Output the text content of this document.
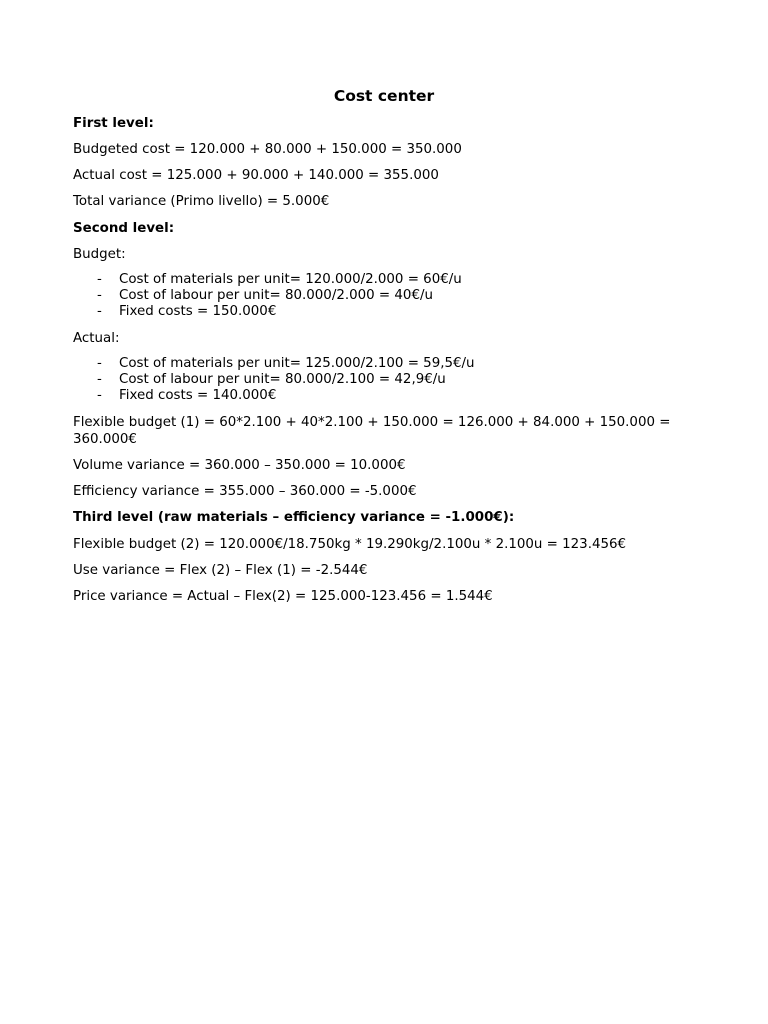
Cost center
First level:
Budgeted cost = 120.000 + 80.000 + 150.000 = 350.000
Actual cost = 125.000 + 90.000 + 140.000 = 355.000
Total variance (Primo livello) = 5.000€
Second level:
Budget:
- Cost of materials per unit= 120.000/2.000 = 60€/u
- Cost of labour per unit= 80.000/2.000 = 40€/u
- Fixed costs = 150.000€
Actual:
- Cost of materials per unit= 125.000/2.100 = 59,5€/u
- Cost of labour per unit= 80.000/2.100 = 42,9€/u
- Fixed costs = 140.000€
Flexible budget (1) = 60*2.100 + 40*2.100 + 150.000 = 126.000 + 84.000 + 150.000 = 360.000€
Volume variance = 360.000 – 350.000 = 10.000€
Efficiency variance = 355.000 – 360.000 = -5.000€
Third level (raw materials – efficiency variance = -1.000€):
Flexible budget (2) = 120.000€/18.750kg * 19.290kg/2.100u * 2.100u = 123.456€
Use variance = Flex (2) – Flex (1) = -2.544€
Price variance = Actual – Flex(2) = 125.000-123.456 = 1.544€
